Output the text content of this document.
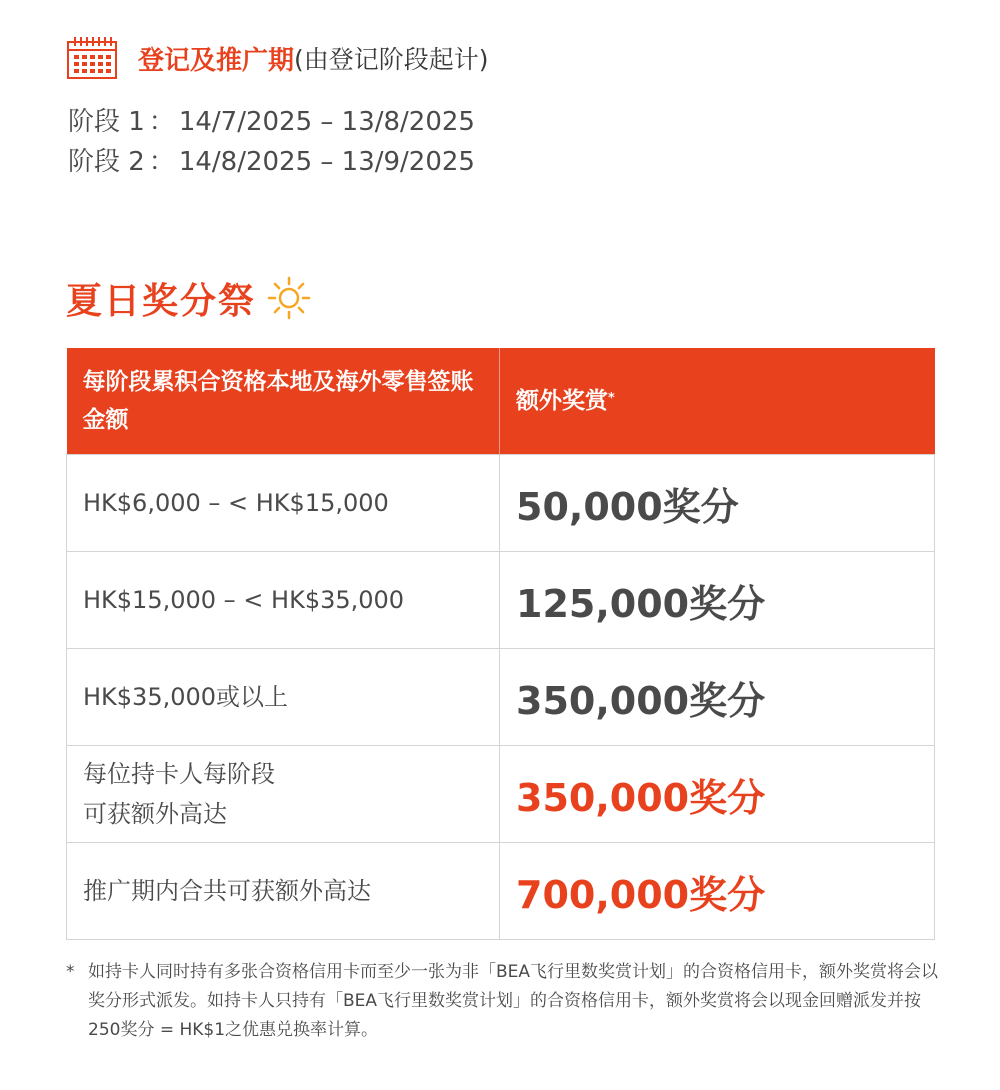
登记及推广期 (由登记阶段起计)
阶段 1 ： 14/7/2025 – 13/8/2025
阶段 2 ： 14/8/2025 – 13/9/2025
夏日奖分祭
每阶段累积合资格本地及海外零售签账金额	额外奖赏*
HK$6,000 – < HK$15,000	50,000奖分
HK$15,000 – < HK$35,000	125,000奖分
HK$35,000或以上	350,000奖分
每位持卡人每阶段
可获额外高达	350,000奖分
推广期内合共可获额外高达	700,000奖分
* 如持卡人同时持有多张合资格信用卡而至少一张为非「BEA飞行里数奖赏计划」的合资格信用卡，额外奖赏将会以奖分形式派发。如持卡人只持有「BEA飞行里数奖赏计划」的合资格信用卡，额外奖赏将会以现金回赠派发并按250奖分 = HK$1之优惠兑换率计算。
